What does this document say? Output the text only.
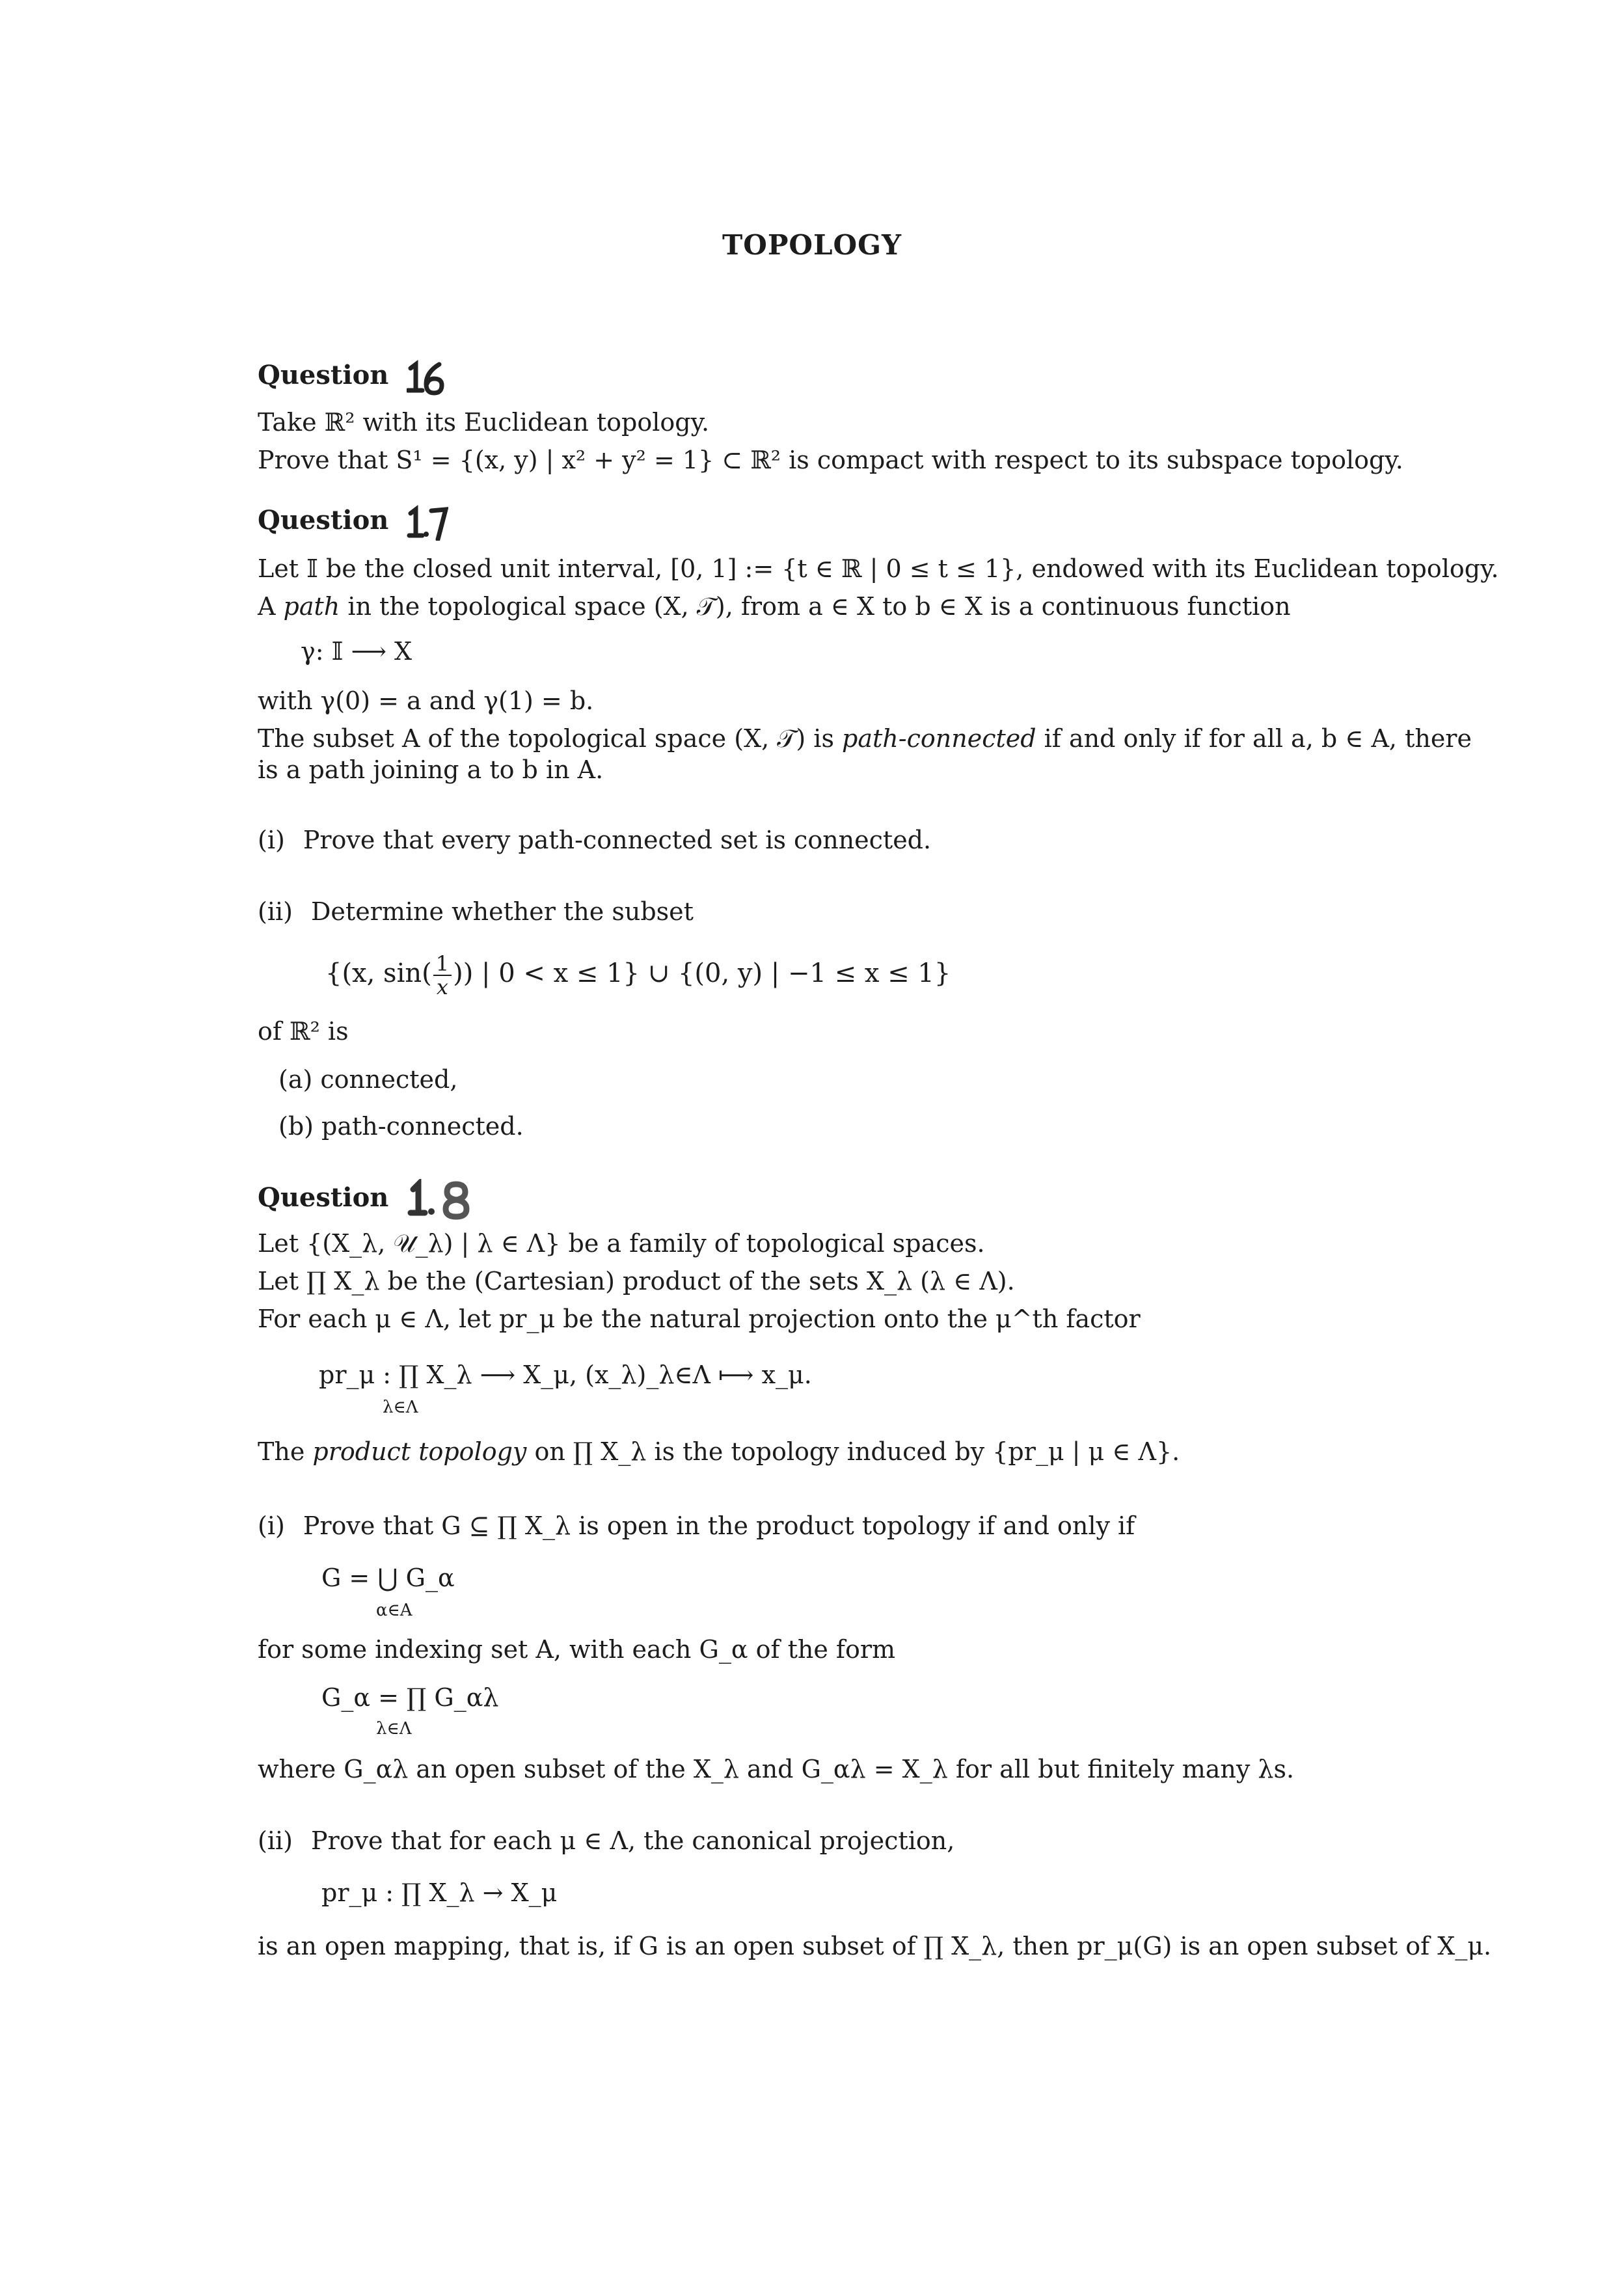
TOPOLOGY
Question
Take ℝ² with its Euclidean topology.
Prove that S¹ = {(x, y) | x² + y² = 1} ⊂ ℝ² is compact with respect to its subspace topology.
Question
Let 𝕀 be the closed unit interval, [0, 1] := {t ∈ ℝ | 0 ≤ t ≤ 1}, endowed with its Euclidean topology.
A path in the topological space (X, 𝒯), from a ∈ X to b ∈ X is a continuous function
γ: 𝕀 ⟶ X
with γ(0) = a and γ(1) = b.
The subset A of the topological space (X, 𝒯) is path-connected if and only if for all a, b ∈ A, there
is a path joining a to b in A.
(i) Prove that every path-connected set is connected.
(ii) Determine whether the subset
{(x, $\sin( \frac{1}{x}$ )) | 0 < x ≤ 1} ∪ {(0, y) | −1 ≤ x ≤ 1}
of ℝ² is
(a) connected,
(b) path-connected.
Question
Let {(X_λ, 𝒰_λ) | λ ∈ Λ} be a family of topological spaces.
Let ∏ X_λ be the (Cartesian) product of the sets X_λ (λ ∈ Λ).
For each μ ∈ Λ, let pr_μ be the natural projection onto the μ^th factor
pr_μ : ∏ X_λ ⟶ X_μ, (x_λ)_λ∈Λ ⟼ x_μ.
λ∈Λ
The product topology on ∏ X_λ is the topology induced by {pr_μ | μ ∈ Λ}.
(i) Prove that G ⊆ ∏ X_λ is open in the product topology if and only if
G = ⋃ G_α
α∈A
for some indexing set A, with each G_α of the form
G_α = ∏ G_αλ
λ∈Λ
where G_αλ an open subset of the X_λ and G_αλ = X_λ for all but finitely many λs.
(ii) Prove that for each μ ∈ Λ, the canonical projection,
pr_μ : ∏ X_λ → X_μ
is an open mapping, that is, if G is an open subset of ∏ X_λ, then pr_μ(G) is an open subset of X_μ.
